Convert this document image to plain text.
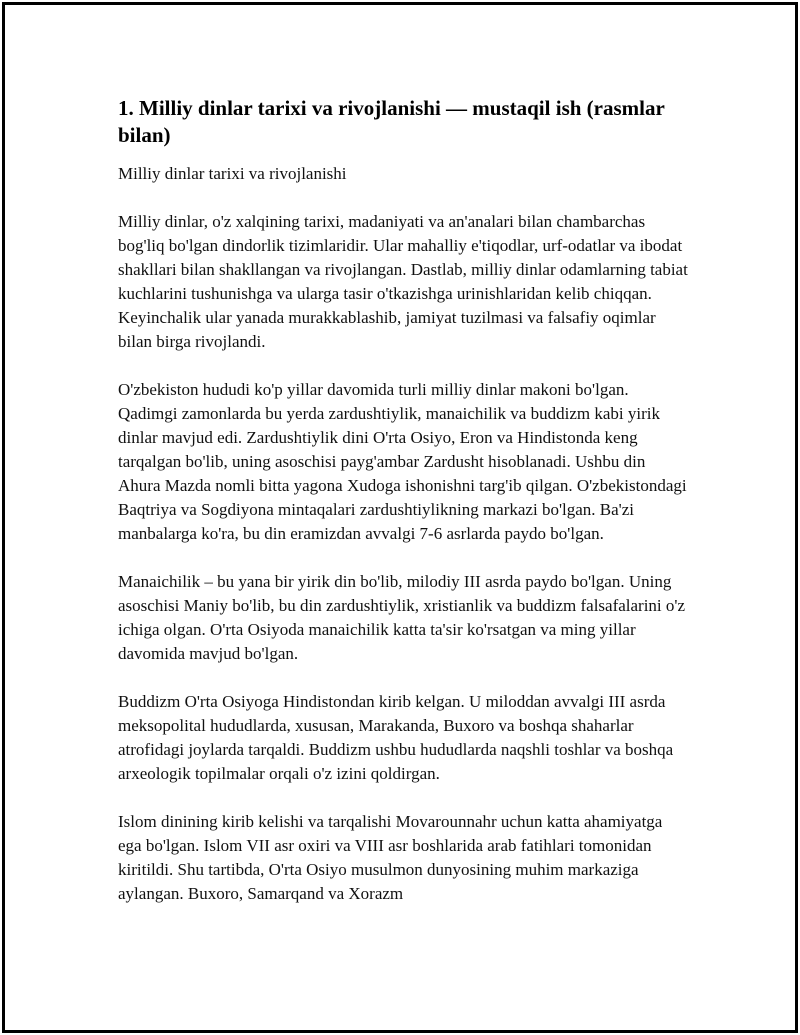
1. Milliy dinlar tarixi va rivojlanishi — mustaqil ish (rasmlar bilan)
Milliy dinlar tarixi va rivojlanishi

Milliy dinlar, o'z xalqining tarixi, madaniyati va an'analari bilan chambarchas bog'liq bo'lgan dindorlik tizimlaridir. Ular mahalliy e'tiqodlar, urf-odatlar va ibodat shakllari bilan shakllangan va rivojlangan. Dastlab, milliy dinlar odamlarning tabiat kuchlarini tushunishga va ularga tasir o'tkazishga urinishlaridan kelib chiqqan. Keyinchalik ular yanada murakkablashib, jamiyat tuzilmasi va falsafiy oqimlar bilan birga rivojlandi.

O'zbekiston hududi ko'p yillar davomida turli milliy dinlar makoni bo'lgan. Qadimgi zamonlarda bu yerda zardushtiylik, manaichilik va buddizm kabi yirik dinlar mavjud edi. Zardushtiylik dini O'rta Osiyo, Eron va Hindistonda keng tarqalgan bo'lib, uning asoschisi payg'ambar Zardusht hisoblanadi. Ushbu din Ahura Mazda nomli bitta yagona Xudoga ishonishni targ'ib qilgan. O'zbekistondagi Baqtriya va Sogdiyona mintaqalari zardushtiylikning markazi bo'lgan. Ba'zi manbalarga ko'ra, bu din eramizdan avvalgi 7-6 asrlarda paydo bo'lgan.

Manaichilik – bu yana bir yirik din bo'lib, milodiy III asrda paydo bo'lgan. Uning asoschisi Maniy bo'lib, bu din zardushtiylik, xristianlik va buddizm falsafalarini o'z ichiga olgan. O'rta Osiyoda manaichilik katta ta'sir ko'rsatgan va ming yillar davomida mavjud bo'lgan.

Buddizm O'rta Osiyoga Hindistondan kirib kelgan. U miloddan avvalgi III asrda meksopolital hududlarda, xususan, Marakanda, Buxoro va boshqa shaharlar atrofidagi joylarda tarqaldi. Buddizm ushbu hududlarda naqshli toshlar va boshqa arxeologik topilmalar orqali o'z izini qoldirgan.

Islom dinining kirib kelishi va tarqalishi Movarounnahr uchun katta ahamiyatga ega bo'lgan. Islom VII asr oxiri va VIII asr boshlarida arab fatihlari tomonidan kiritildi. Shu tartibda, O'rta Osiyo musulmon dunyosining muhim markaziga aylangan. Buxoro, Samarqand va Xorazm
